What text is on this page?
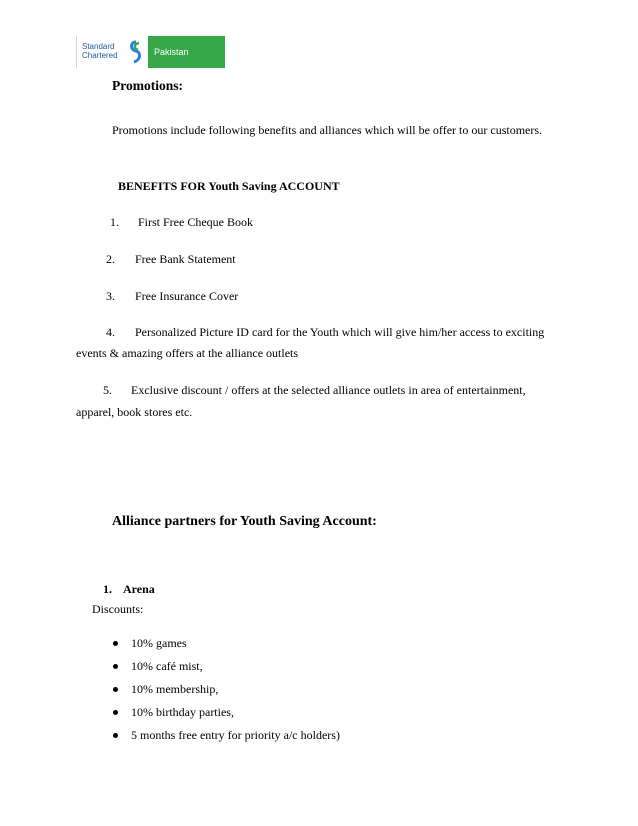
Standard
Chartered	Pakistan
Promotions:
Promotions include following benefits and alliances which will be offer to our customers.
BENEFITS FOR Youth Saving ACCOUNT
1. First Free Cheque Book
2. Free Bank Statement
3. Free Insurance Cover
4. Personalized Picture ID card for the Youth which will give him/her access to exciting
events & amazing offers at the alliance outlets
5. Exclusive discount / offers at the selected alliance outlets in area of entertainment,
apparel, book stores etc.
Alliance partners for Youth Saving Account:
1. Arena
Discounts:
10% games
10% café mist,
10% membership,
10% birthday parties,
5 months free entry for priority a/c holders)
